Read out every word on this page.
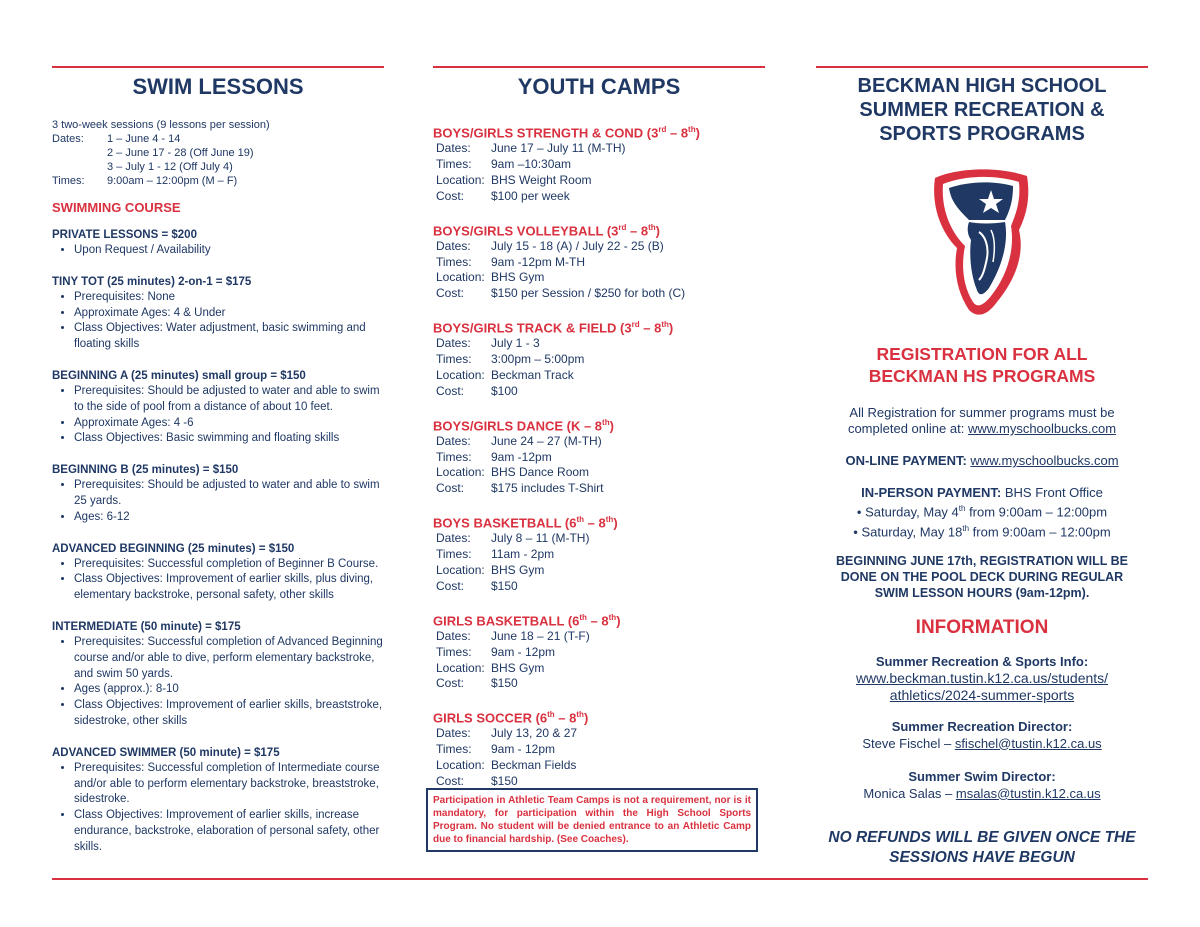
SWIM LESSONS
3 two-week sessions (9 lessons per session)
Dates:	1 – June 4 - 14
2 – June 17 - 28 (Off June 19)
3 – July 1 - 12 (Off July 4)
Times:	9:00am – 12:00pm (M – F)
SWIMMING COURSE
PRIVATE LESSONS = $200
• Upon Request / Availability
TINY TOT (25 minutes) 2-on-1 = $175
• Prerequisites: None
• Approximate Ages: 4 & Under
• Class Objectives: Water adjustment, basic swimming and floating skills
BEGINNING A (25 minutes) small group = $150
• Prerequisites: Should be adjusted to water and able to swim to the side of pool from a distance of about 10 feet.
• Approximate Ages: 4 -6
• Class Objectives: Basic swimming and floating skills
BEGINNING B (25 minutes) = $150
• Prerequisites: Should be adjusted to water and able to swim 25 yards.
• Ages: 6-12
ADVANCED BEGINNING (25 minutes) = $150
• Prerequisites: Successful completion of Beginner B Course.
• Class Objectives: Improvement of earlier skills, plus diving, elementary backstroke, personal safety, other skills
INTERMEDIATE (50 minute) = $175
• Prerequisites: Successful completion of Advanced Beginning course and/or able to dive, perform elementary backstroke, and swim 50 yards.
• Ages (approx.): 8-10
• Class Objectives: Improvement of earlier skills, breaststroke, sidestroke, other skills
ADVANCED SWIMMER (50 minute) = $175
• Prerequisites: Successful completion of Intermediate course and/or able to perform elementary backstroke, breaststroke, sidestroke.
• Class Objectives: Improvement of earlier skills, increase endurance, backstroke, elaboration of personal safety, other skills.
YOUTH CAMPS
BOYS/GIRLS STRENGTH & COND (3rd – 8th)
Dates:	June 17 – July 11 (M-TH)
Times:	9am –10:30am
Location: BHS Weight Room
Cost:	$100 per week
BOYS/GIRLS VOLLEYBALL (3rd – 8th)
Dates:	July 15 - 18 (A) / July 22 - 25 (B)
Times:	9am -12pm M-TH
Location: BHS Gym
Cost:	$150 per Session / $250 for both (C)
BOYS/GIRLS TRACK & FIELD (3rd – 8th)
Dates:	July 1 - 3
Times:	3:00pm – 5:00pm
Location: Beckman Track
Cost:	$100
BOYS/GIRLS DANCE (K – 8th)
Dates:	June 24 – 27 (M-TH)
Times:	9am -12pm
Location: BHS Dance Room
Cost:	$175 includes T-Shirt
BOYS BASKETBALL (6th – 8th)
Dates:	July 8 – 11 (M-TH)
Times:	11am - 2pm
Location: BHS Gym
Cost:	$150
GIRLS BASKETBALL (6th – 8th)
Dates:	June 18 – 21 (T-F)
Times:	9am - 12pm
Location: BHS Gym
Cost:	$150
GIRLS SOCCER (6th – 8th)
Dates:	July 13, 20 & 27
Times:	9am - 12pm
Location: Beckman Fields
Cost:	$150
Participation in Athletic Team Camps is not a requirement, nor is it mandatory, for participation within the High School Sports Program. No student will be denied entrance to an Athletic Camp due to financial hardship. (See Coaches).
BECKMAN HIGH SCHOOL
SUMMER RECREATION &
SPORTS PROGRAMS
REGISTRATION FOR ALL
BECKMAN HS PROGRAMS
All Registration for summer programs must be
completed online at: www.myschoolbucks.com
ON-LINE PAYMENT: www.myschoolbucks.com
IN-PERSON PAYMENT: BHS Front Office
• Saturday, May 4th from 9:00am – 12:00pm
• Saturday, May 18th from 9:00am – 12:00pm
BEGINNING JUNE 17th, REGISTRATION WILL BE
DONE ON THE POOL DECK DURING REGULAR
SWIM LESSON HOURS (9am-12pm).
INFORMATION
Summer Recreation & Sports Info:
www.beckman.tustin.k12.ca.us/students/
athletics/2024-summer-sports
Summer Recreation Director:
Steve Fischel – sfischel@tustin.k12.ca.us
Summer Swim Director:
Monica Salas – msalas@tustin.k12.ca.us
NO REFUNDS WILL BE GIVEN ONCE THE
SESSIONS HAVE BEGUN
